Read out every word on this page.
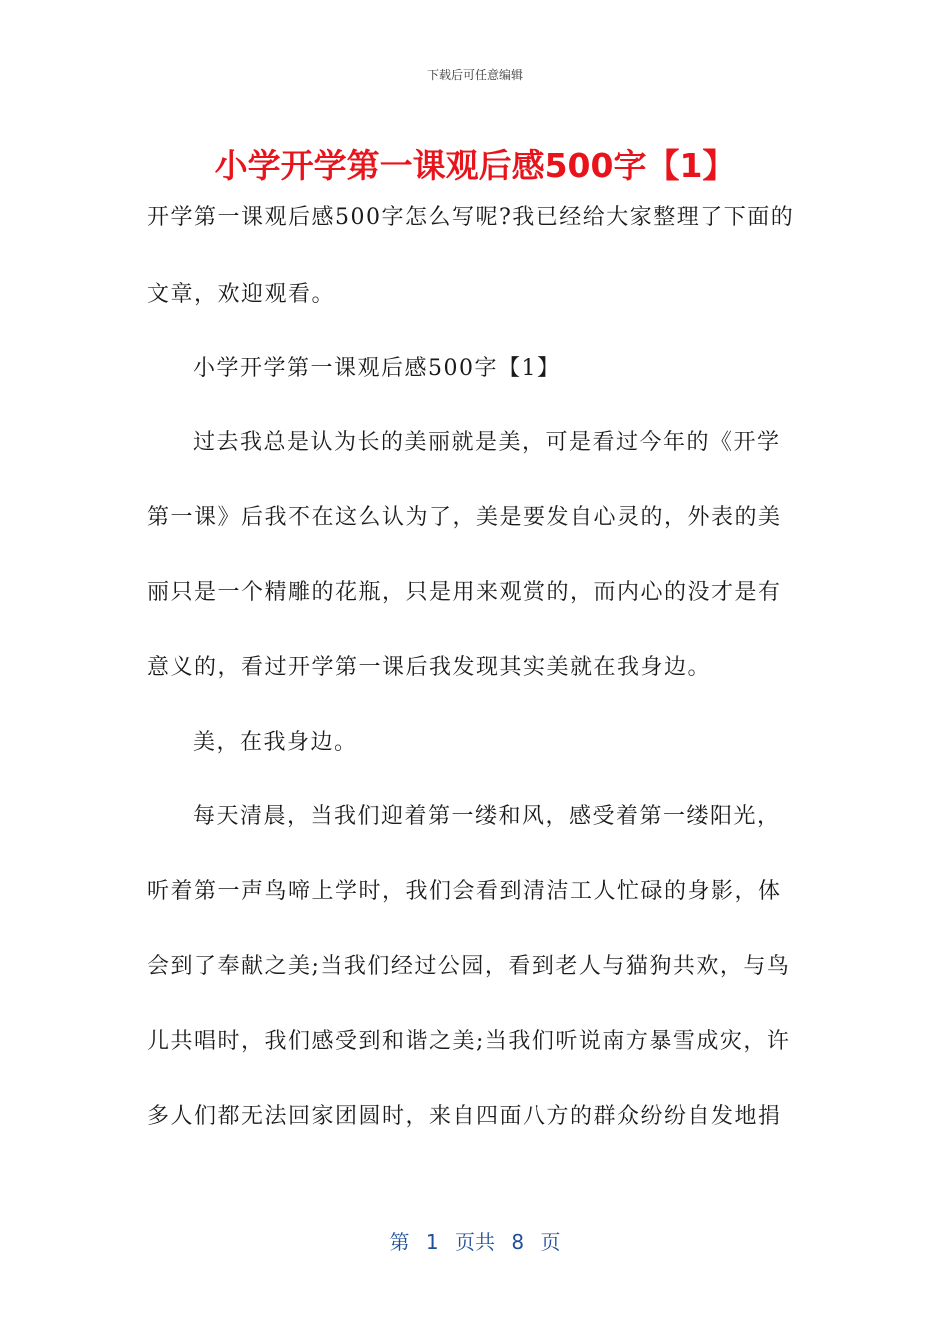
下载后可任意编辑
小学开学第一课观后感500字【1】
开学第一课观后感500字怎么写呢?我已经给大家整理了下面的
文章，欢迎观看。
小学开学第一课观后感500字【1】
过去我总是认为长的美丽就是美，可是看过今年的《开学
第一课》后我不在这么认为了，美是要发自心灵的，外表的美
丽只是一个精雕的花瓶，只是用来观赏的，而内心的没才是有
意义的，看过开学第一课后我发现其实美就在我身边。
美，在我身边。
每天清晨，当我们迎着第一缕和风，感受着第一缕阳光，
听着第一声鸟啼上学时，我们会看到清洁工人忙碌的身影，体
会到了奉献之美;当我们经过公园，看到老人与猫狗共欢，与鸟
儿共唱时，我们感受到和谐之美;当我们听说南方暴雪成灾，许
多人们都无法回家团圆时，来自四面八方的群众纷纷自发地捐
第 1 页共 8 页
